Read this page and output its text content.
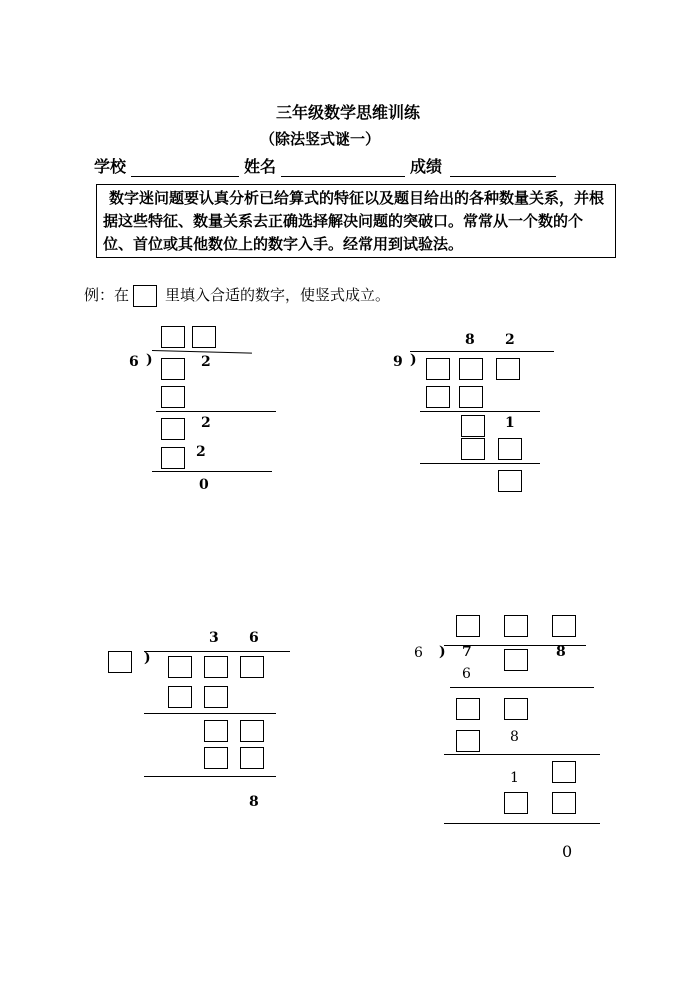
三年级数学思维训练
（除法竖式谜一）
学校	姓名	成绩
数字迷问题要认真分析已给算式的特征以及题目给出的各种数量关系，并根据这些特征、数量关系去正确选择解决问题的突破口。常常从一个数的个位、首位或其他数位上的数字入手。经常用到试验法。
例：在 里填入合适的数字，使竖式成立。
6 )	2
2
2
0
8 2
9 )
1
3 6
)
8
6 ) 7	8
6
8
1
0
